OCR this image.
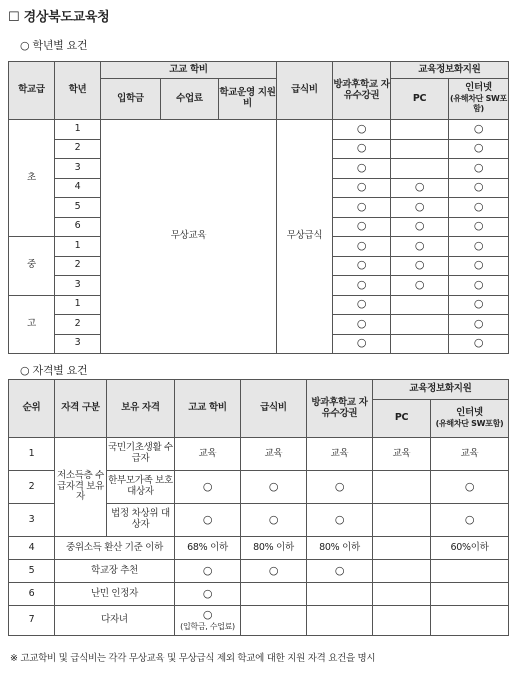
☐ 경상북도교육청
○ 학년별 요건
학교급	학년	고교 학비			급식비	방과후학교 자유수강권	교육정보화지원	
		입학금	수업료	학교운영 지원비			PC	인터넷
(유해차단 SW포함)
초	1	무상교육			무상급식	○		○
	2					○		○
	3					○		○
	4					○	○	○
	5					○	○	○
	6					○	○	○
중	1					○	○	○
	2					○	○	○
	3					○	○	○
고	1					○		○
	2					○		○
	3					○		○
○ 자격별 요건
순위	자격 구분	보유 자격	고교 학비	급식비	방과후학교 자유수강권	교육정보화지원	
						PC	인터넷
(유해차단 SW포함)
1	저소득층 수급자격 보유자	국민기초생활 수급자	교육	교육	교육	교육	교육
2		한부모가족 보호대상자	○	○	○		○
3		법정 차상위 대상자	○	○	○		○
4	중위소득 환산 기준 이하		68% 이하	80% 이하	80% 이하		60%이하
5	학교장 추천		○	○	○		
6	난민 인정자		○				
7	다자녀		○
(입학금, 수업료)				
※ 고교학비 및 급식비는 각각 무상교육 및 무상급식 제외 학교에 대한 지원 자격 요건을 명시
